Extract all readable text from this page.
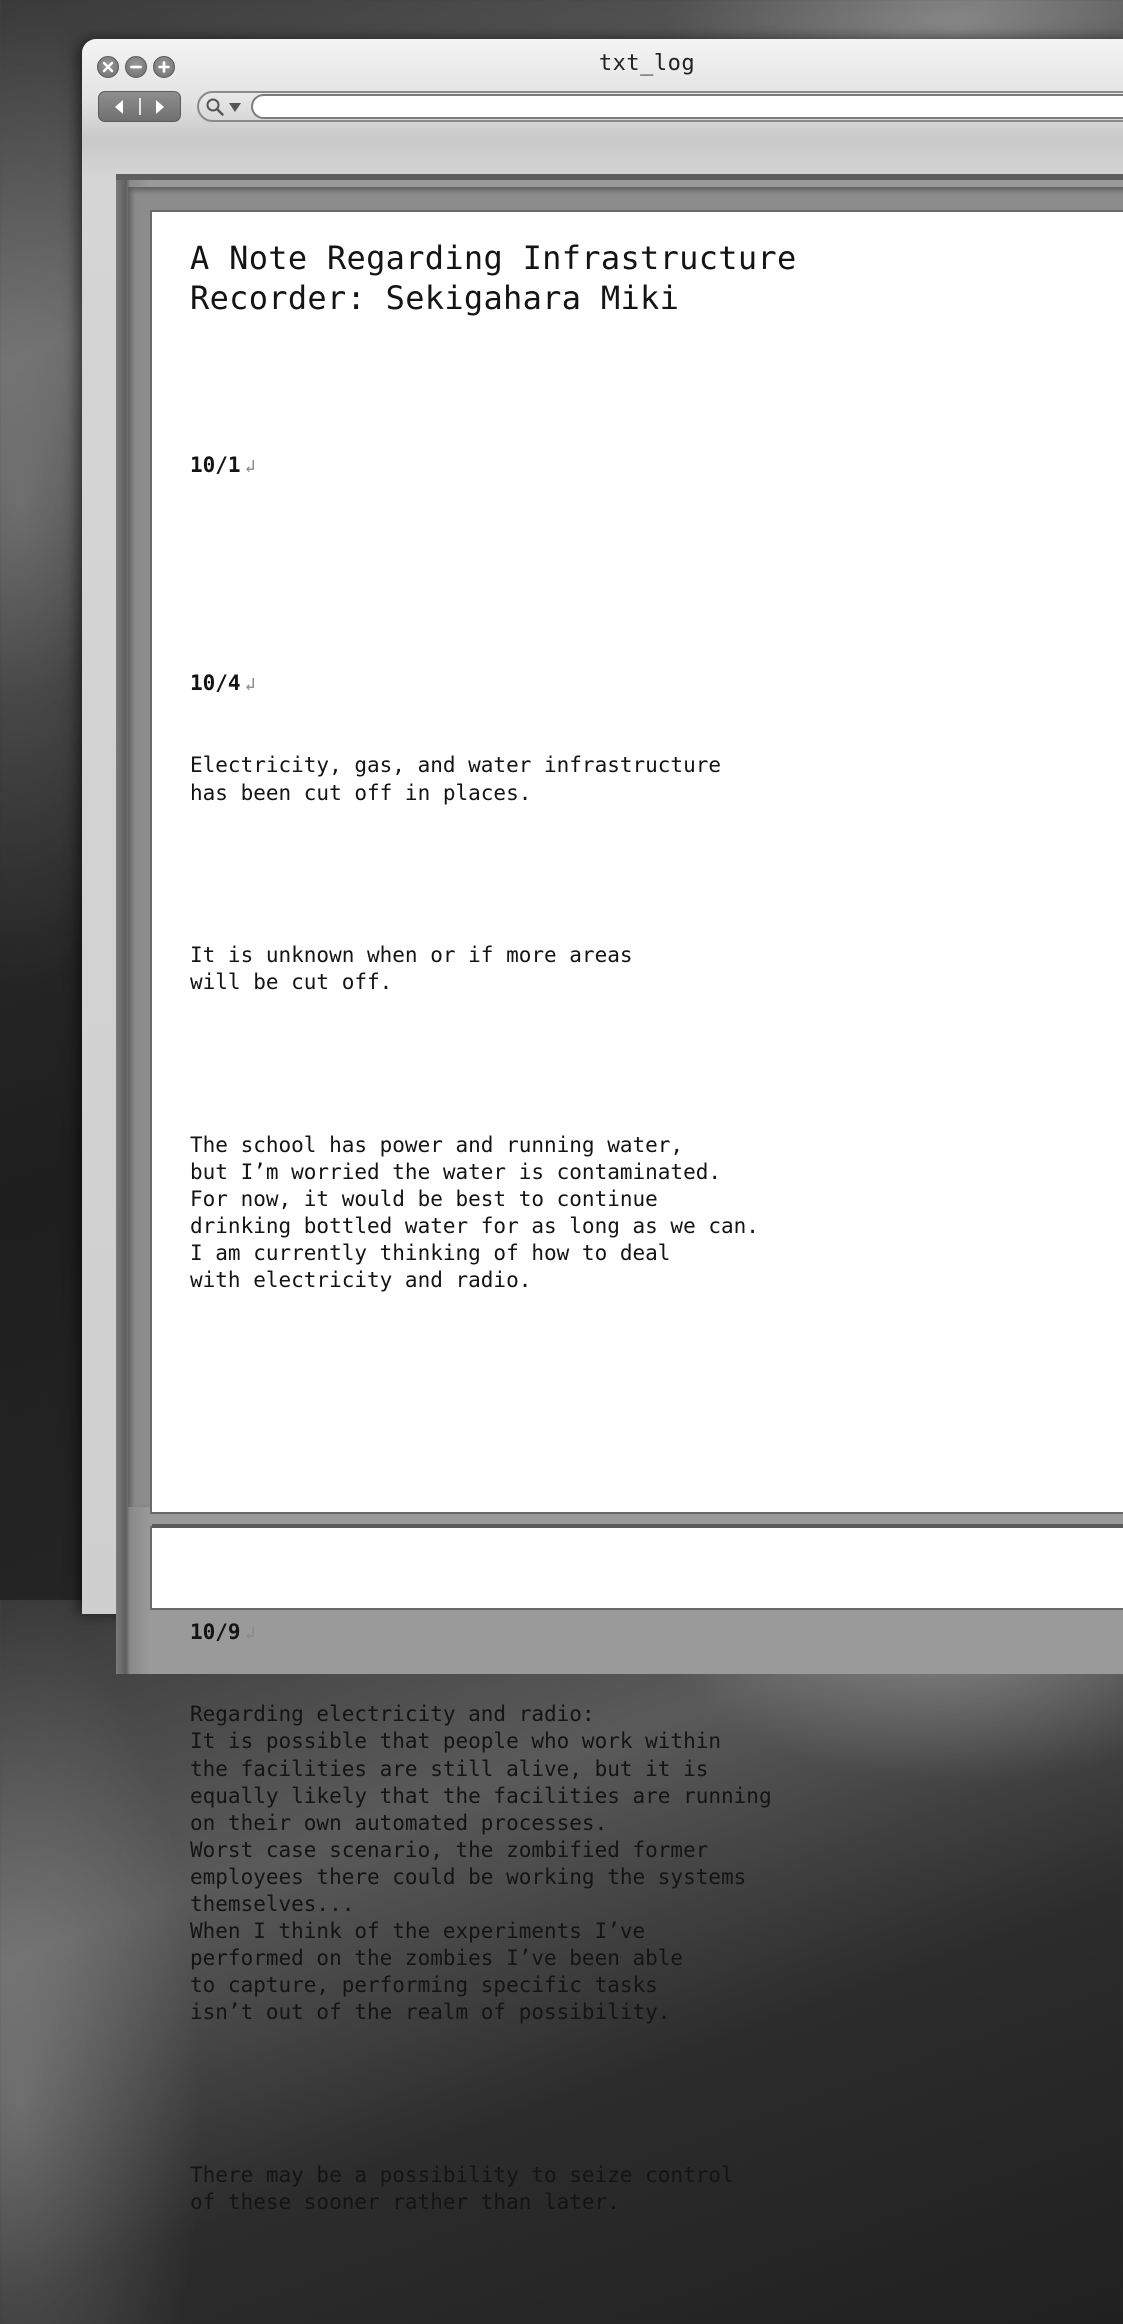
txt_log
A Note Regarding Infrastructure
Recorder: Sekigahara Miki

10/1 ↲

10/4 ↲

Electricity, gas, and water infrastructure
has been cut off in places.

It is unknown when or if more areas
will be cut off.

The school has power and running water,
but I’m worried the water is contaminated.
For now, it would be best to continue
drinking bottled water for as long as we can.
I am currently thinking of how to deal
with electricity and radio.

10/9 ↲

Regarding electricity and radio:
It is possible that people who work within
the facilities are still alive, but it is
equally likely that the facilities are running
on their own automated processes.
Worst case scenario, the zombified former
employees there could be working the systems
themselves...
When I think of the experiments I’ve
performed on the zombies I’ve been able
to capture, performing specific tasks
isn’t out of the realm of possibility.

There may be a possibility to seize control
of these sooner rather than later.
